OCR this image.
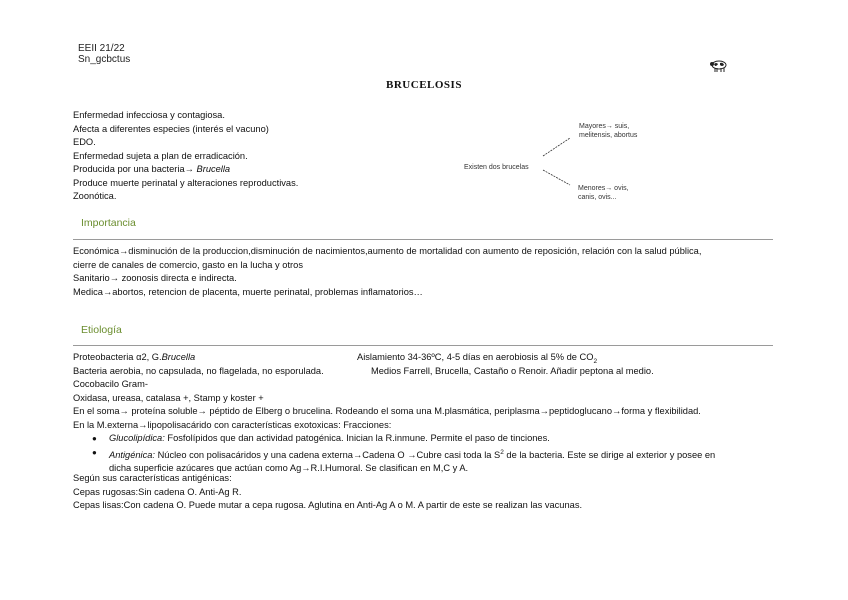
EEII 21/22
Sn_gcbctus
BRUCELOSIS
Enfermedad infecciosa y contagiosa.
Afecta a diferentes especies (interés el vacuno)
EDO.
Enfermedad sujeta a plan de erradicación.
Producida por una bacteria→ Brucella
Produce muerte perinatal y alteraciones reproductivas.
Zoonótica.
Mayores→ suis,
melitensis, abortus
Existen dos brucelas
Menores→ ovis,
canis, ovis...
Importancia
Económica→disminución de la produccion,disminución de nacimientos,aumento de mortalidad con aumento de reposición, relación con la salud pública,
cierre de canales de comercio, gasto en la lucha y otros
Sanitario→ zoonosis directa e indirecta.
Medica→abortos, retencion de placenta, muerte perinatal, problemas inflamatorios…
Etiología
Proteobacteria α2, G.Brucella	Aislamiento 34-36ºC, 4-5 días en aerobiosis al 5% de $CO_2$
Bacteria aerobia, no capsulada, no flagelada, no esporulada.	Medios Farrell, Brucella, Castaño o Renoir. Añadir peptona al medio.
Cocobacilo Gram-
Oxidasa, ureasa, catalasa +, Stamp y koster +
En el soma→ proteína soluble→ péptido de Elberg o brucelina. Rodeando el soma una M.plasmática, periplasma→peptidoglucano→forma y flexibilidad.
En la M.externa→lipopolisacárido con características exotoxicas: Fracciones:
● Glucolipídica: Fosfolípidos que dan actividad patogénica. Inician la R.inmune. Permite el paso de tinciones.
● Antigénica: Núcleo con polisacáridos y una cadena externa→Cadena O →Cubre casi toda la $S^2$ de la bacteria. Este se dirige al exterior y posee en
dicha superficie azúcares que actúan como Ag→R.I.Humoral. Se clasifican en M,C y A.
Según sus características antigénicas:
Cepas rugosas:Sin cadena O. Anti-Ag R.
Cepas lisas:Con cadena O. Puede mutar a cepa rugosa. Aglutina en Anti-Ag A o M. A partir de este se realizan las vacunas.
